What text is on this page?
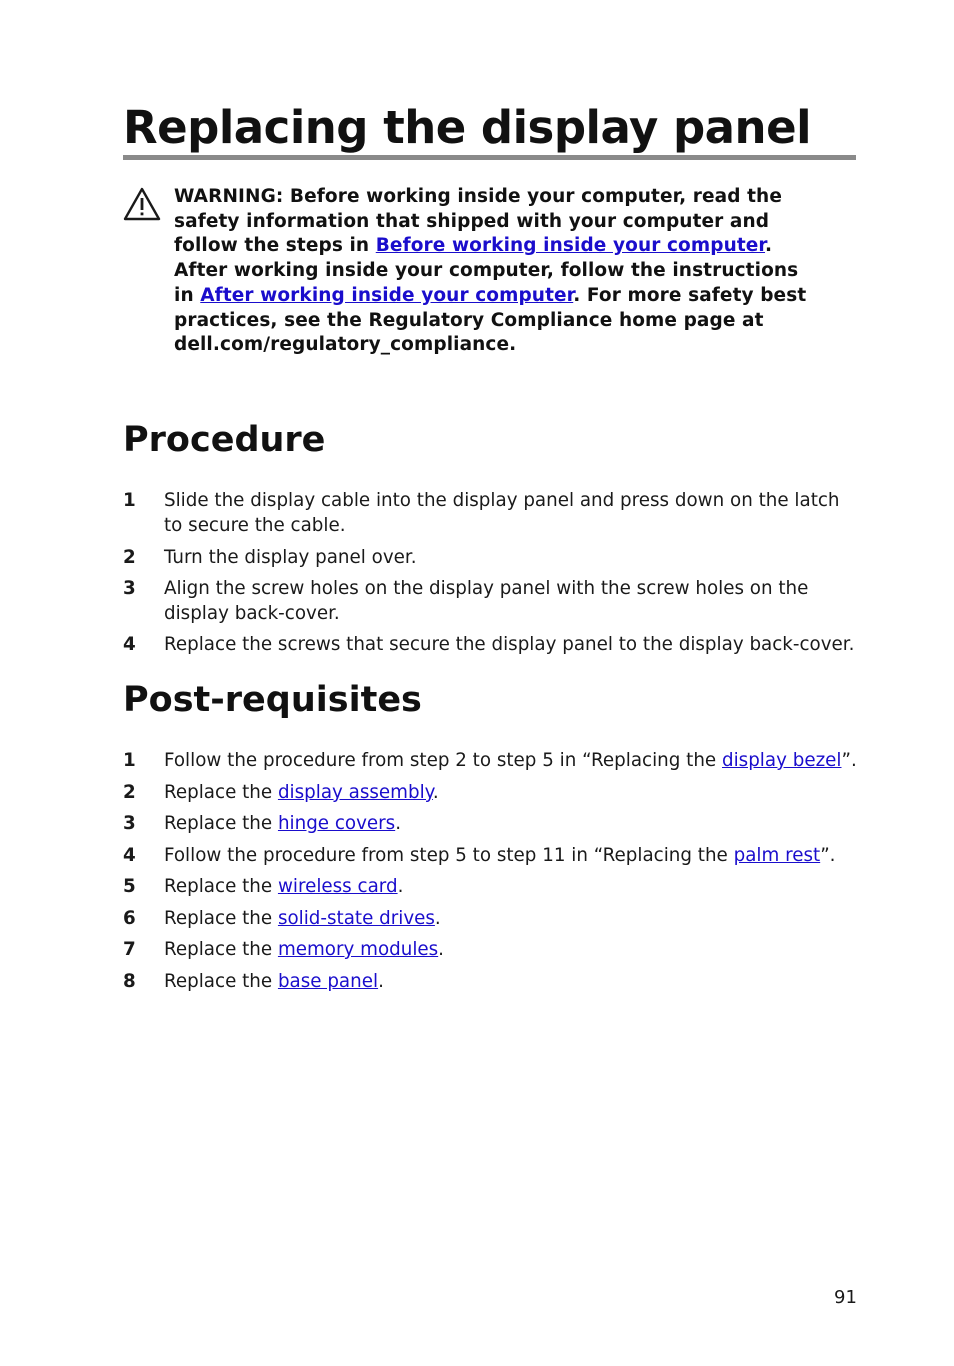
Replacing the display panel
WARNING: Before working inside your computer, read the
safety information that shipped with your computer and
follow the steps in Before working inside your computer.
After working inside your computer, follow the instructions
in After working inside your computer. For more safety best
practices, see the Regulatory Compliance home page at
dell.com/regulatory_compliance.
Procedure
1	Slide the display cable into the display panel and press down on the latch
to secure the cable.
2	Turn the display panel over.
3	Align the screw holes on the display panel with the screw holes on the
display back-cover.
4	Replace the screws that secure the display panel to the display back-cover.
Post-requisites
1	Follow the procedure from step 2 to step 5 in “Replacing the display bezel”.
2	Replace the display assembly.
3	Replace the hinge covers.
4	Follow the procedure from step 5 to step 11 in “Replacing the palm rest”.
5	Replace the wireless card.
6	Replace the solid-state drives.
7	Replace the memory modules.
8	Replace the base panel.
91
